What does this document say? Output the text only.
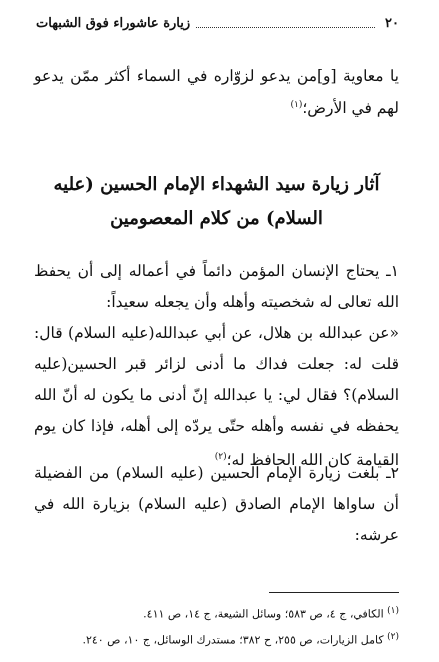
٢٠
زيارة عاشوراء فوق الشبهات
يا معاوية [و]من يدعو لزوّاره في السماء أكثر ممّن يدعو لهم في الأرض؛$^{(١)}$
آثار زيارة سيد الشهداء الإمام الحسين (عليه السلام) من كلام المعصومين
١ـ يحتاج الإنسان المؤمن دائماً في أعماله إلى أن يحفظ الله تعالى له شخصيته وأهله وأن يجعله سعيداً:
«عن عبدالله بن هلال، عن أبي عبدالله(عليه السلام) قال: قلت له: جعلت فداك ما أدنى لزائر قبر الحسين(عليه السلام)؟ فقال لي: يا عبدالله إنّ أدنى ما يكون له أنّ الله يحفظه في نفسه وأهله حتّى يردّه إلى أهله، فإذا كان يوم القيامة كان الله الحافظ له؛$^{(٢)}$
٢ـ بلغت زيارة الإمام الحسين (عليه السلام) من الفضيلة أن ساواها الإمام الصادق (عليه السلام) بزيارة الله في عرشه:
$^{(١)}$ الكافي، ج ٤، ص ٥٨٣؛ وسائل الشيعة، ج ١٤، ص ٤١١.
$^{(٢)}$ كامل الزيارات، ص ٢٥٥، ح ٣٨٢؛ مستدرك الوسائل، ج ١٠، ص ٢٤٠.
